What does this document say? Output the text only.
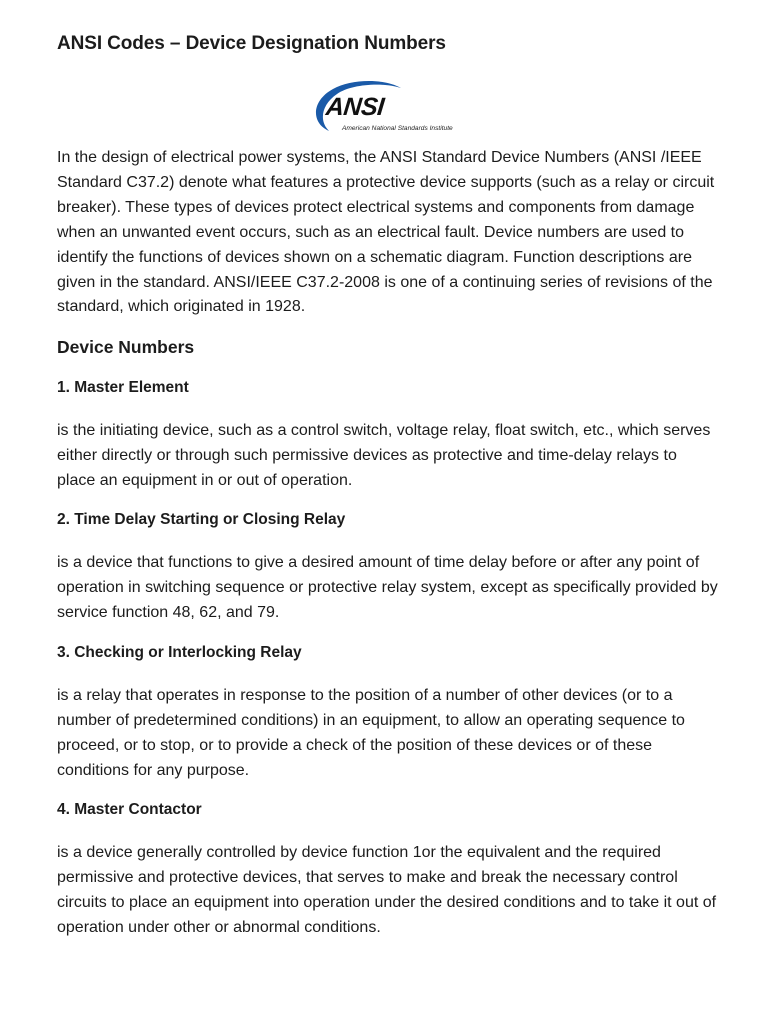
ANSI Codes – Device Designation Numbers
ANSI
American National Standards Institute

In the design of electrical power systems, the ANSI Standard Device Numbers (ANSI /IEEE Standard C37.2) denote what features a protective device supports (such as a relay or circuit breaker). These types of devices protect electrical systems and components from damage when an unwanted event occurs, such as an electrical fault. Device numbers are used to identify the functions of devices shown on a schematic diagram. Function descriptions are given in the standard. ANSI/IEEE C37.2-2008 is one of a continuing series of revisions of the standard, which originated in 1928.

Device Numbers
1. Master Element

is the initiating device, such as a control switch, voltage relay, float switch, etc., which serves either directly or through such permissive devices as protective and time-delay relays to place an equipment in or out of operation.

2. Time Delay Starting or Closing Relay

is a device that functions to give a desired amount of time delay before or after any point of operation in switching sequence or protective relay system, except as specifically provided by service function 48, 62, and 79.

3. Checking or Interlocking Relay

is a relay that operates in response to the position of a number of other devices (or to a number of predetermined conditions) in an equipment, to allow an operating sequence to proceed, or to stop, or to provide a check of the position of these devices or of these conditions for any purpose.

4. Master Contactor

is a device generally controlled by device function 1or the equivalent and the required permissive and protective devices, that serves to make and break the necessary control circuits to place an equipment into operation under the desired conditions and to take it out of operation under other or abnormal conditions.
